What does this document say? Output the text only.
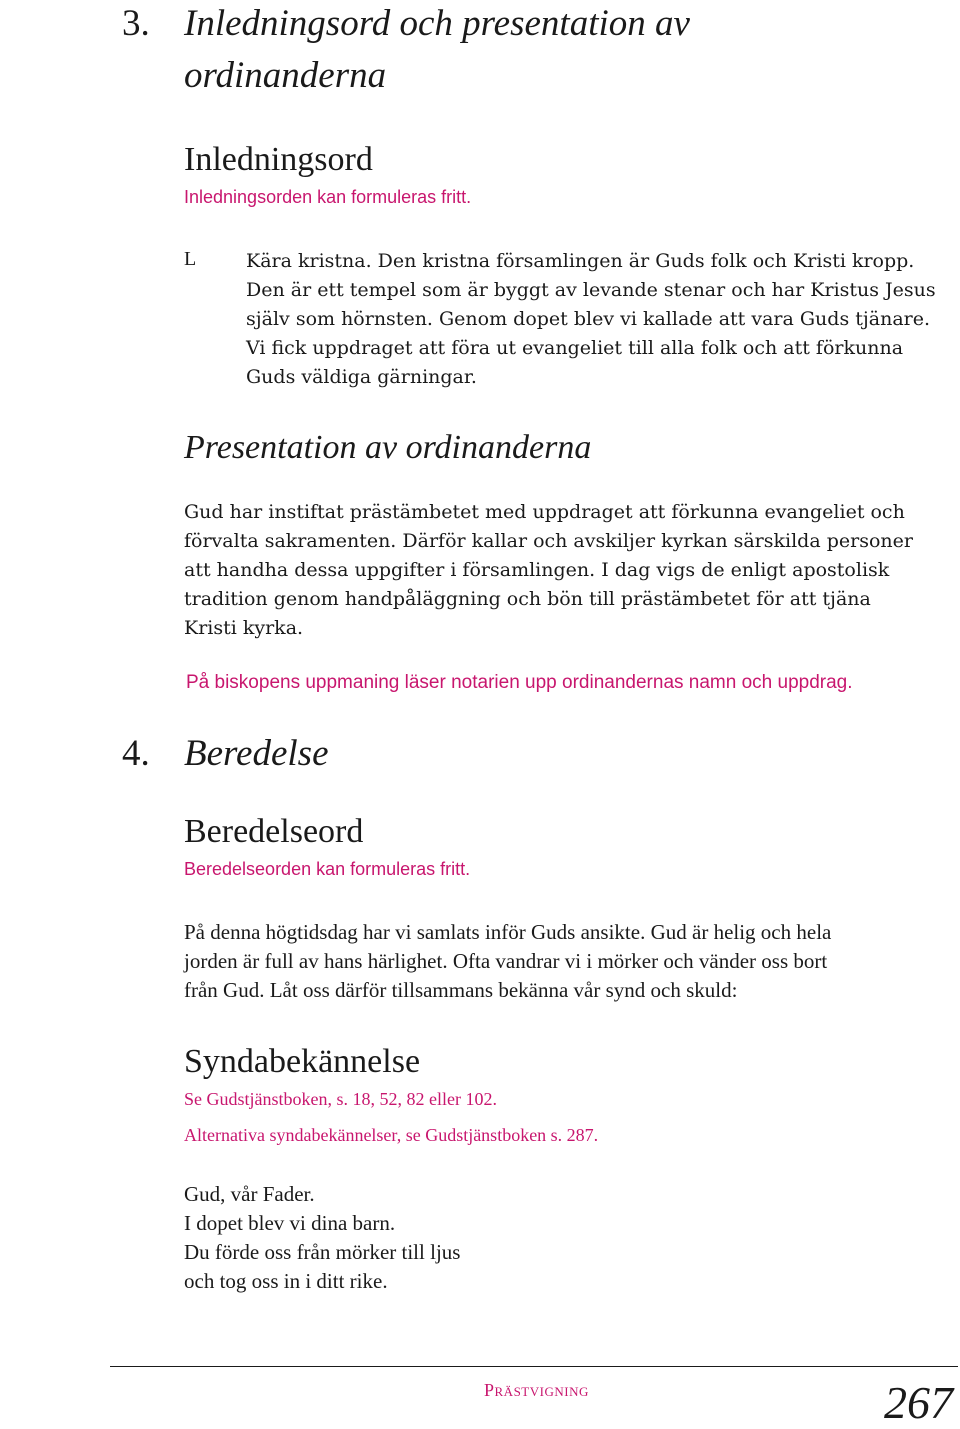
3. Inledningsord och presentation av
ordinanderna
Inledningsord
Inledningsorden kan formuleras fritt.
L	Kära kristna. Den kristna församlingen är Guds folk och Kristi kropp.

Den är ett tempel som är byggt av levande stenar och har Kristus Jesus

själv som hörnsten. Genom dopet blev vi kallade att vara Guds tjänare.

Vi fick uppdraget att föra ut evangeliet till alla folk och att förkunna

Guds väldiga gärningar.

Presentation av ordinanderna

Gud har instiftat prästämbetet med uppdraget att förkunna evangeliet och

förvalta sakramenten. Därför kallar och avskiljer kyrkan särskilda personer

att handha dessa uppgifter i församlingen. I dag vigs de enligt apostolisk

tradition genom handpåläggning och bön till prästämbetet för att tjäna

Kristi kyrka.

På biskopens uppmaning läser notarien upp ordinandernas namn och uppdrag.
4. Beredelse
Beredelseord
Beredelseorden kan formuleras fritt.

På denna högtidsdag har vi samlats inför Guds ansikte. Gud är helig och hela

jorden är full av hans härlighet. Ofta vandrar vi i mörker och vänder oss bort

från Gud. Låt oss därför tillsammans bekänna vår synd och skuld:

Syndabekännelse
Se Gudstjänstboken, s. 18, 52, 82 eller 102.
Alternativa syndabekännelser, se Gudstjänstboken s. 287.

Gud, vår Fader.

I dopet blev vi dina barn.

Du förde oss från mörker till ljus

och tog oss in i ditt rike.

Prästvigning	267
